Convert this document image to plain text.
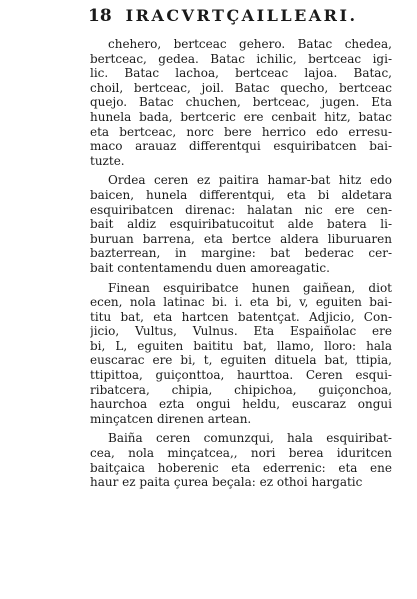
18 IRACVRTÇAILLEARI.
chehero, bertceac gehero. Batac chedea,
bertceac, gedea. Batac ichilic, bertceac igi-
lic. Batac lachoa, bertceac lajoa. Batac,
choil, bertceac, joil. Batac quecho, bertceac
quejo. Batac chuchen, bertceac, jugen. Eta
hunela bada, bertceric ere cenbait hitz, batac
eta bertceac, norc bere herrico edo erresu-
maco arauaz differentqui esquiribatcen bai-
tuzte.
Ordea ceren ez paitira hamar-bat hitz edo
baicen, hunela differentqui, eta bi aldetara
esquiribatcen direnac: halatan nic ere cen-
bait aldiz esquiribatucoitut alde batera li-
buruan barrena, eta bertce aldera liburuaren
bazterrean, in margine: bat bederac cer-
bait contentamendu duen amoreagatic.
Finean esquiribatce hunen gaiñean, diot
ecen, nola latinac bi. i. eta bi, v, eguiten bai-
titu bat, eta hartcen batentçat. Adjicio, Con-
jicio, Vultus, Vulnus. Eta Espaiñolac ere
bi, L, eguiten baititu bat, llamo, lloro: hala
euscarac ere bi, t, eguiten dituela bat, ttipia,
ttipittoa, guiçonttoa, haurttoa. Ceren esqui-
ribatcera, chipia, chipichoa, guiçonchoa,
haurchoa ezta ongui heldu, euscaraz ongui
minçatcen direnen artean.
Baiña ceren comunzqui, hala esquiribat-
cea, nola minçatcea,, nori berea iduritcen
baitçaica hoberenic eta ederrenic: eta ene
haur ez paita çurea beçala: ez othoi hargatic
